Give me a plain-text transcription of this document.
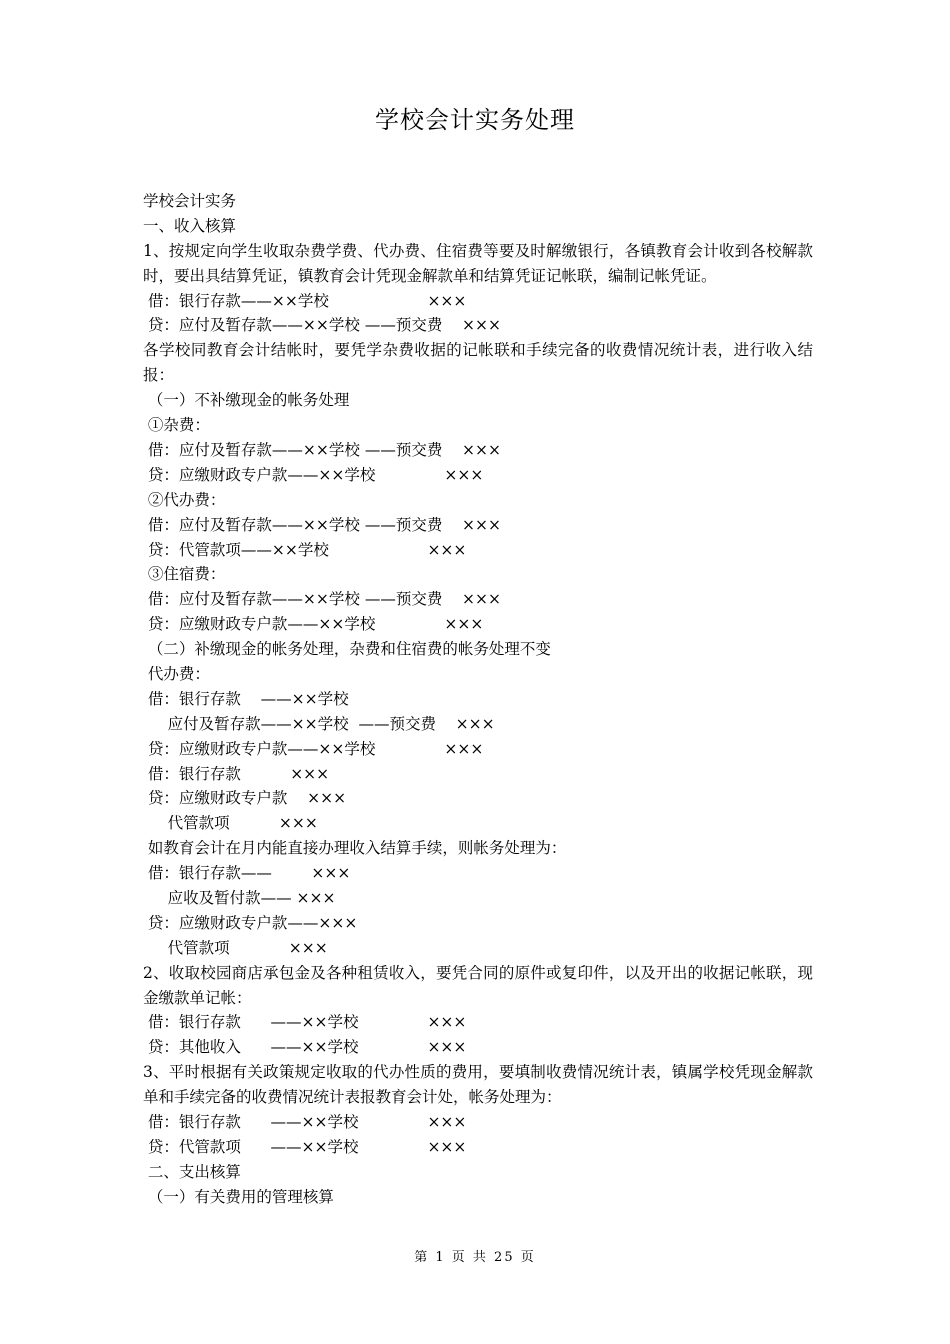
学校会计实务处理
学校会计实务
一、收入核算
1、按规定向学生收取杂费学费、代办费、住宿费等要及时解缴银行，各镇教育会计收到各校解款时，要出具结算凭证，镇教育会计凭现金解款单和结算凭证记帐联，编制记帐凭证。
借：银行存款——××学校                    ×××
贷：应付及暂存款——××学校 ——预交费    ×××
各学校同教育会计结帐时，要凭学杂费收据的记帐联和手续完备的收费情况统计表，进行收入结报：
（一）不补缴现金的帐务处理
①杂费：
借：应付及暂存款——××学校 ——预交费    ×××
贷：应缴财政专户款——××学校              ×××
②代办费：
借：应付及暂存款——××学校 ——预交费    ×××
贷：代管款项——××学校                    ×××
③住宿费：
借：应付及暂存款——××学校 ——预交费    ×××
贷：应缴财政专户款——××学校              ×××
（二）补缴现金的帐务处理，杂费和住宿费的帐务处理不变
代办费：
借：银行存款    ——××学校
应付及暂存款——××学校  ——预交费    ×××
贷：应缴财政专户款——××学校              ×××
借：银行存款          ×××
贷：应缴财政专户款    ×××
代管款项          ×××
如教育会计在月内能直接办理收入结算手续，则帐务处理为：
借：银行存款——        ×××
应收及暂付款—— ×××
贷：应缴财政专户款——×××
代管款项            ×××
2、收取校园商店承包金及各种租赁收入，要凭合同的原件或复印件，以及开出的收据记帐联，现金缴款单记帐：
借：银行存款      ——××学校              ×××
贷：其他收入      ——××学校              ×××
3、平时根据有关政策规定收取的代办性质的费用，要填制收费情况统计表，镇属学校凭现金解款单和手续完备的收费情况统计表报教育会计处，帐务处理为：
借：银行存款      ——××学校              ×××
贷：代管款项      ——××学校              ×××
二、支出核算
（一）有关费用的管理核算
第 1 页 共 25 页
